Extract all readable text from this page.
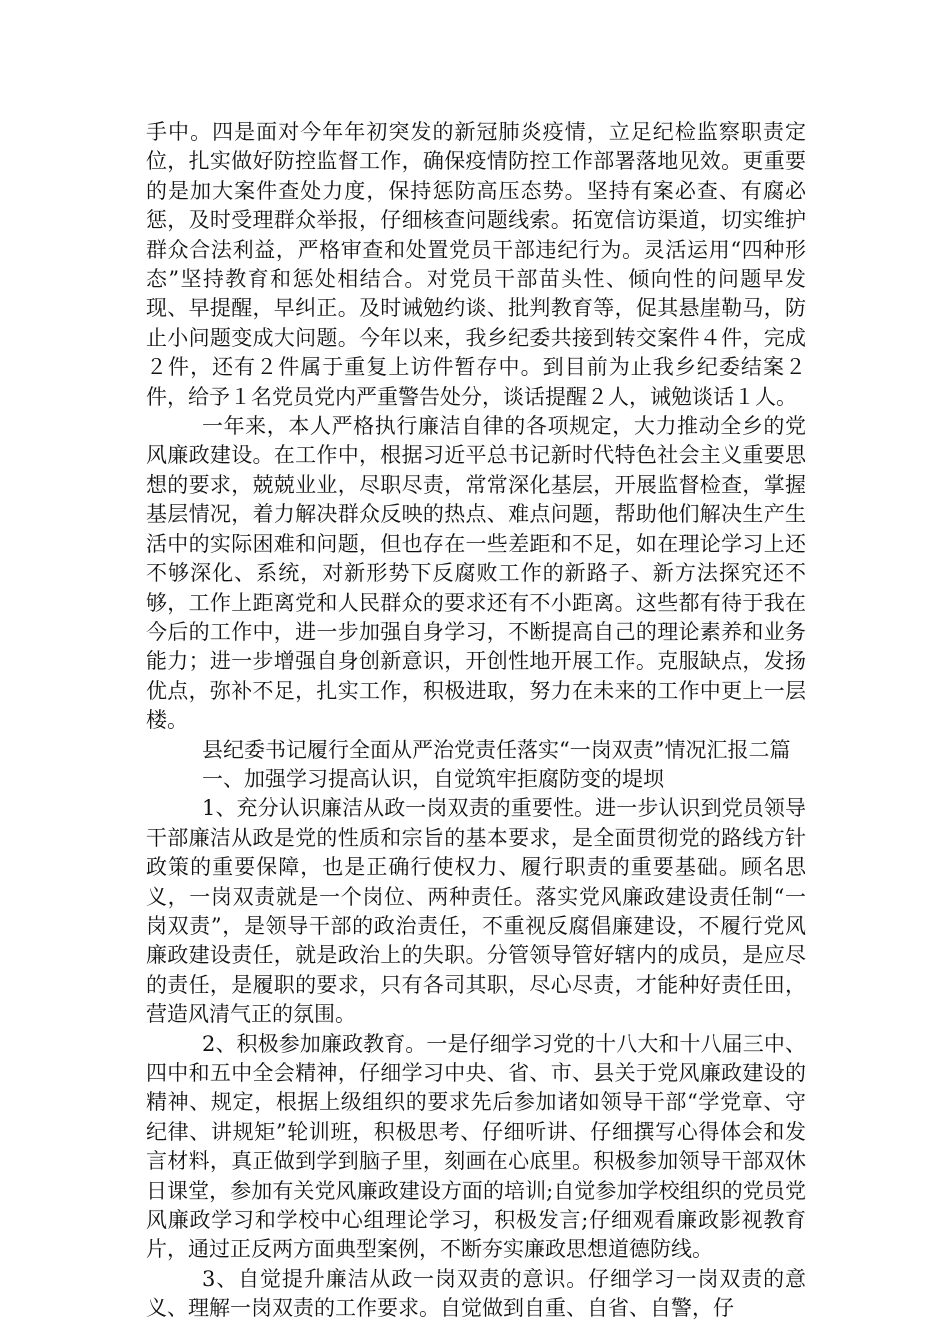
手中。四是面对今年年初突发的新冠肺炎疫情，立足纪检监察职责定位，扎实做好防控监督工作，确保疫情防控工作部署落地见效。更重要的是加大案件查处力度，保持惩防高压态势。坚持有案必查、有腐必惩，及时受理群众举报，仔细核查问题线索。拓宽信访渠道，切实维护群众合法利益，严格审查和处置党员干部违纪行为。灵活运用“四种形态”坚持教育和惩处相结合。对党员干部苗头性、倾向性的问题早发现、早提醒，早纠正。及时诫勉约谈、批判教育等，促其悬崖勒马，防止小问题变成大问题。今年以来，我乡纪委共接到转交案件４件，完成２件，还有２件属于重复上访件暂存中。到目前为止我乡纪委结案２件，给予１名党员党内严重警告处分，谈话提醒２人，诫勉谈话１人。

一年来，本人严格执行廉洁自律的各项规定，大力推动全乡的党风廉政建设。在工作中，根据习近平总书记新时代特色社会主义重要思想的要求，兢兢业业，尽职尽责，常常深化基层，开展监督检查，掌握基层情况，着力解决群众反映的热点、难点问题，帮助他们解决生产生活中的实际困难和问题，但也存在一些差距和不足，如在理论学习上还不够深化、系统，对新形势下反腐败工作的新路子、新方法探究还不够，工作上距离党和人民群众的要求还有不小距离。这些都有待于我在今后的工作中，进一步加强自身学习，不断提高自己的理论素养和业务能力；进一步增强自身创新意识，开创性地开展工作。克服缺点，发扬优点，弥补不足，扎实工作，积极进取，努力在未来的工作中更上一层楼。

县纪委书记履行全面从严治党责任落实“一岗双责”情况汇报二篇

一、加强学习提高认识，自觉筑牢拒腐防变的堤坝

1、充分认识廉洁从政一岗双责的重要性。进一步认识到党员领导干部廉洁从政是党的性质和宗旨的基本要求，是全面贯彻党的路线方针政策的重要保障，也是正确行使权力、履行职责的重要基础。顾名思义，一岗双责就是一个岗位、两种责任。落实党风廉政建设责任制“一岗双责”，是领导干部的政治责任，不重视反腐倡廉建设，不履行党风廉政建设责任，就是政治上的失职。分管领导管好辖内的成员，是应尽的责任，是履职的要求，只有各司其职，尽心尽责，才能种好责任田，营造风清气正的氛围。

2、积极参加廉政教育。一是仔细学习党的十八大和十八届三中、四中和五中全会精神，仔细学习中央、省、市、县关于党风廉政建设的精神、规定，根据上级组织的要求先后参加诸如领导干部“学党章、守纪律、讲规矩”轮训班，积极思考、仔细听讲、仔细撰写心得体会和发言材料，真正做到学到脑子里，刻画在心底里。积极参加领导干部双休日课堂，参加有关党风廉政建设方面的培训;自觉参加学校组织的党员党风廉政学习和学校中心组理论学习，积极发言;仔细观看廉政影视教育片，通过正反两方面典型案例，不断夯实廉政思想道德防线。

3、自觉提升廉洁从政一岗双责的意识。仔细学习一岗双责的意义、理解一岗双责的工作要求。自觉做到自重、自省、自警，仔
